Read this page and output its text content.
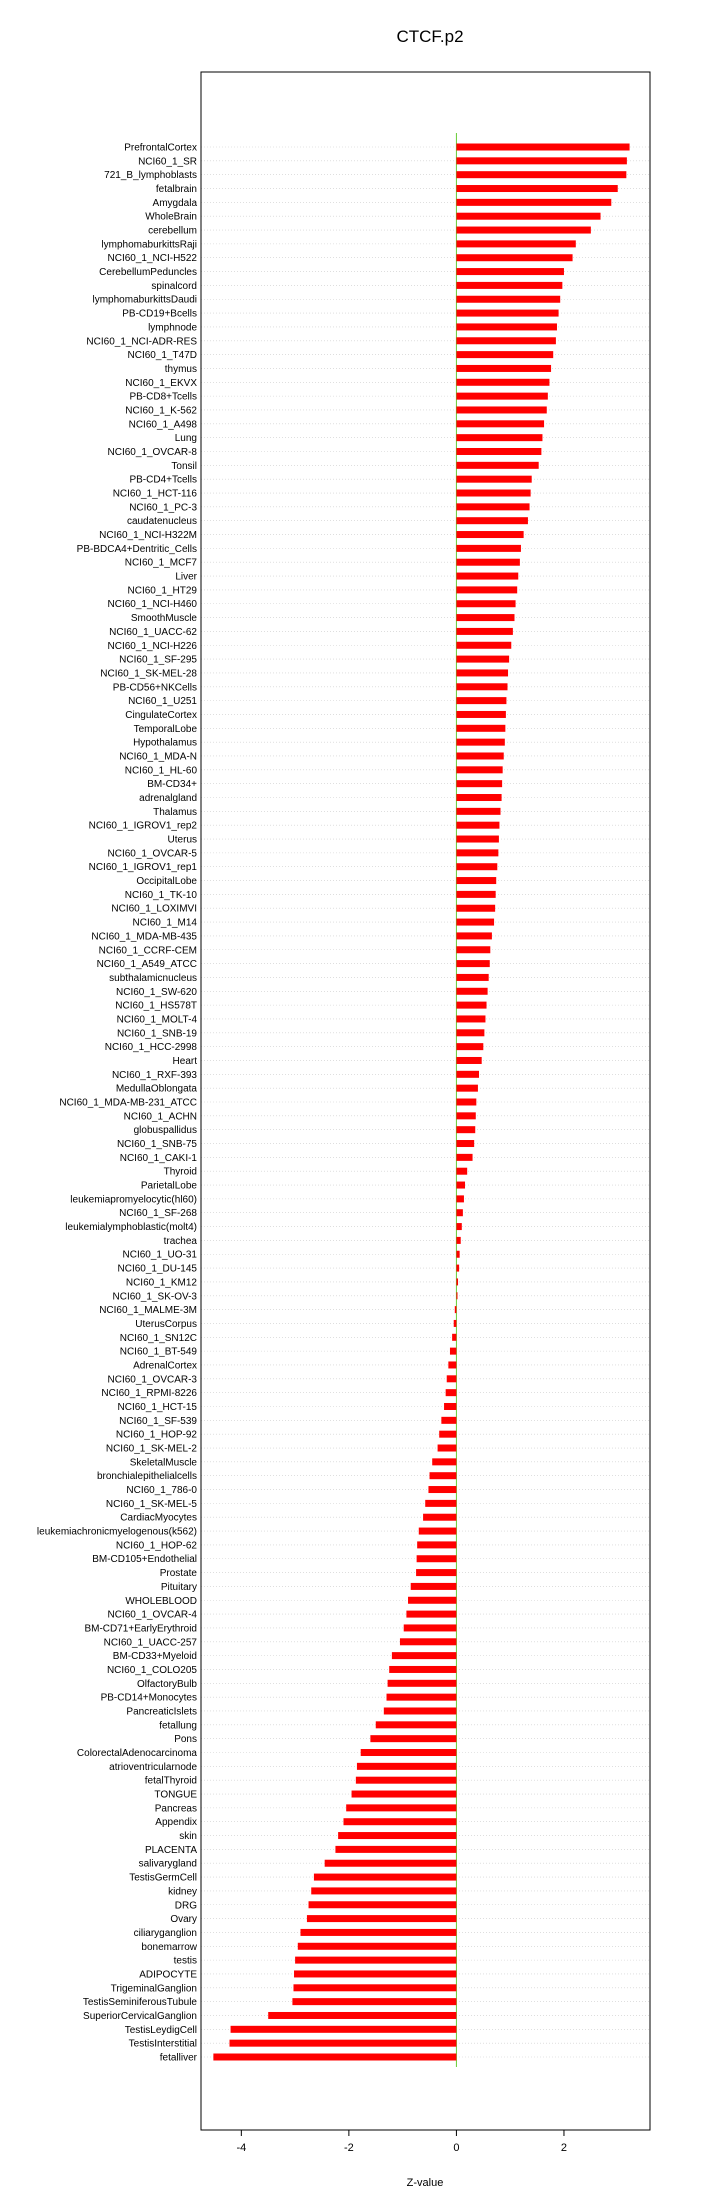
CTCF.p2
PrefrontalCortex
NCI60_1_SR
721_B_lymphoblasts
fetalbrain
Amygdala
WholeBrain
cerebellum
lymphomaburkittsRaji
NCI60_1_NCI-H522
CerebellumPeduncles
spinalcord
lymphomaburkittsDaudi
PB-CD19+Bcells
lymphnode
NCI60_1_NCI-ADR-RES
NCI60_1_T47D
thymus
NCI60_1_EKVX
PB-CD8+Tcells
NCI60_1_K-562
NCI60_1_A498
Lung
NCI60_1_OVCAR-8
Tonsil
PB-CD4+Tcells
NCI60_1_HCT-116
NCI60_1_PC-3
caudatenucleus
NCI60_1_NCI-H322M
PB-BDCA4+Dentritic_Cells
NCI60_1_MCF7
Liver
NCI60_1_HT29
NCI60_1_NCI-H460
SmoothMuscle
NCI60_1_UACC-62
NCI60_1_NCI-H226
NCI60_1_SF-295
NCI60_1_SK-MEL-28
PB-CD56+NKCells
NCI60_1_U251
CingulateCortex
TemporalLobe
Hypothalamus
NCI60_1_MDA-N
NCI60_1_HL-60
BM-CD34+
adrenalgland
Thalamus
NCI60_1_IGROV1_rep2
Uterus
NCI60_1_OVCAR-5
NCI60_1_IGROV1_rep1
OccipitalLobe
NCI60_1_TK-10
NCI60_1_LOXIMVI
NCI60_1_M14
NCI60_1_MDA-MB-435
NCI60_1_CCRF-CEM
NCI60_1_A549_ATCC
subthalamicnucleus
NCI60_1_SW-620
NCI60_1_HS578T
NCI60_1_MOLT-4
NCI60_1_SNB-19
NCI60_1_HCC-2998
Heart
NCI60_1_RXF-393
MedullaOblongata
NCI60_1_MDA-MB-231_ATCC
NCI60_1_ACHN
globuspallidus
NCI60_1_SNB-75
NCI60_1_CAKI-1
Thyroid
ParietalLobe
leukemiapromyelocytic(hl60)
NCI60_1_SF-268
leukemialymphoblastic(molt4)
trachea
NCI60_1_UO-31
NCI60_1_DU-145
NCI60_1_KM12
NCI60_1_SK-OV-3
NCI60_1_MALME-3M
UterusCorpus
NCI60_1_SN12C
NCI60_1_BT-549
AdrenalCortex
NCI60_1_OVCAR-3
NCI60_1_RPMI-8226
NCI60_1_HCT-15
NCI60_1_SF-539
NCI60_1_HOP-92
NCI60_1_SK-MEL-2
SkeletalMuscle
bronchialepithelialcells
NCI60_1_786-0
NCI60_1_SK-MEL-5
CardiacMyocytes
leukemiachronicmyelogenous(k562)
NCI60_1_HOP-62
BM-CD105+Endothelial
Prostate
Pituitary
WHOLEBLOOD
NCI60_1_OVCAR-4
BM-CD71+EarlyErythroid
NCI60_1_UACC-257
BM-CD33+Myeloid
NCI60_1_COLO205
OlfactoryBulb
PB-CD14+Monocytes
PancreaticIslets
fetallung
Pons
ColorectalAdenocarcinoma
atrioventricularnode
fetalThyroid
TONGUE
Pancreas
Appendix
skin
PLACENTA
salivarygland
TestisGermCell
kidney
DRG
Ovary
ciliaryganglion
bonemarrow
testis
ADIPOCYTE
TrigeminalGanglion
TestisSeminiferousTubule
SuperiorCervicalGanglion
TestisLeydigCell
TestisInterstitial
fetalliver
-4	-2	0	2
Z-value
